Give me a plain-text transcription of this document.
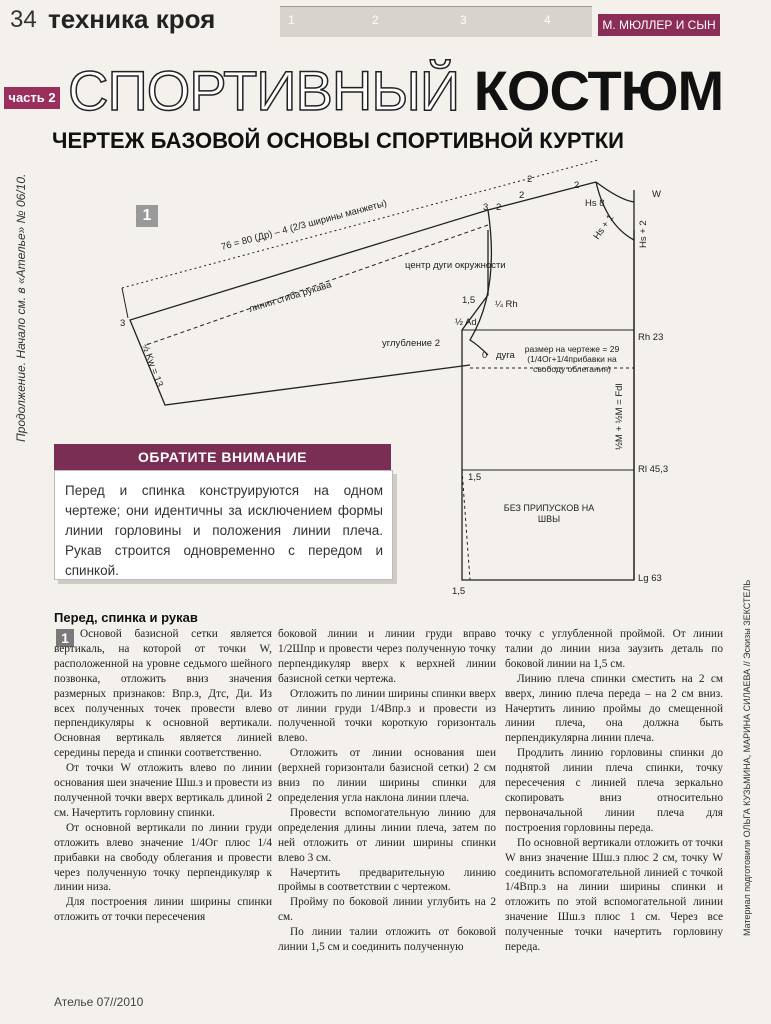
34 техника кроя	1	2	3	4	М. МЮЛЛЕР И СЫН
часть 2 СПОРТИВНЫЙ КОСТЮМ
ЧЕРТЕЖ БАЗОВОЙ ОСНОВЫ СПОРТИВНОЙ КУРТКИ
Продолжение. Начало см. в «Ателье» № 06/10.
Материал подготовили ОЛЬГА КУЗЬМИНА, МАРИНА СИЛАЕВА // Эскизы ЗЕКСТЕЛЬ
1	76 = 80 (Др) – 4 (2/3 ширины манжеты)
линия сгиба рукава
½ Kw = 13
центр дуги окружности
1,5 ¼ Rh
½ Ad
углубление 2
0 дуга
W
Hs 8
Hs + 1 Hs + 2
Rh 23
½M + ½M = Fdl
Rl 45,3
Lg 63
1,5
1,5
2
2
2
2
3
3
размер на чертеже = 29 (1/4Ог+1/4прибавки на свободу облегания)
БЕЗ ПРИПУСКОВ НА ШВЫ
ОБРАТИТЕ ВНИМАНИЕ
Перед и спинка конструируются на одном чертеже; они идентичны за исключением формы линии горловины и положения линии плеча. Рукав строится одновременно с передом и спинкой.
Перед, спинка и рукав
1 Основой базисной сетки является вертикаль, на которой от точки W, расположенной на уровне седьмого шейного позвонка, отложить вниз значения размерных признаков: Впр.з, Дтс, Ди. Из всех полученных точек провести влево перпендикуляры к основной вертикали. Основная вертикаль является линией середины переда и спинки соответственно.

От точки W отложить влево по линии основания шеи значение Шш.з и провести из полученной точки вверх вертикаль длиной 2 см. Начертить горловину спинки.

От основной вертикали по линии груди отложить влево значение 1/4Ог плюс 1/4 прибавки на свободу облегания и провести через полученную точку перпендикуляр к линии низа.

Для построения линии ширины спинки отложить от точки пересечения

боковой линии и линии груди вправо 1/2Шпр и провести через полученную точку перпендикуляр вверх к верхней линии базисной сетки чертежа.

Отложить по линии ширины спинки вверх от линии груди 1/4Впр.з и провести из полученной точки короткую горизонталь влево.

Отложить от линии основания шеи (верхней горизонтали базисной сетки) 2 см вниз по линии ширины спинки для определения угла наклона линии плеча.

Провести вспомогательную линию для определения длины линии плеча, затем по ней отложить от линии ширины спинки влево 3 см.

Начертить предварительную линию проймы в соответствии с чертежом.

Пройму по боковой линии углубить на 2 см.

По линии талии отложить от боковой линии 1,5 см и соединить полученную

точку с углубленной проймой. От линии талии до линии низа заузить деталь по боковой линии на 1,5 см.

Линию плеча спинки сместить на 2 см вверх, линию плеча переда – на 2 см вниз. Начертить линию проймы до смещенной линии плеча, она должна быть перпендикулярна линии плеча.

Продлить линию горловины спинки до поднятой линии плеча спинки, точку пересечения с линией плеча зеркально скопировать вниз относительно первоначальной линии плеча для построения горловины переда.

По основной вертикали отложить от точки W вниз значение Шш.з плюс 2 см, точку W соединить вспомогательной линией с точкой 1/4Впр.з на линии ширины спинки и отложить по этой вспомогательной линии значение Шш.з плюс 1 см. Через все полученные точки начертить горловину переда.

Ателье 07//2010
